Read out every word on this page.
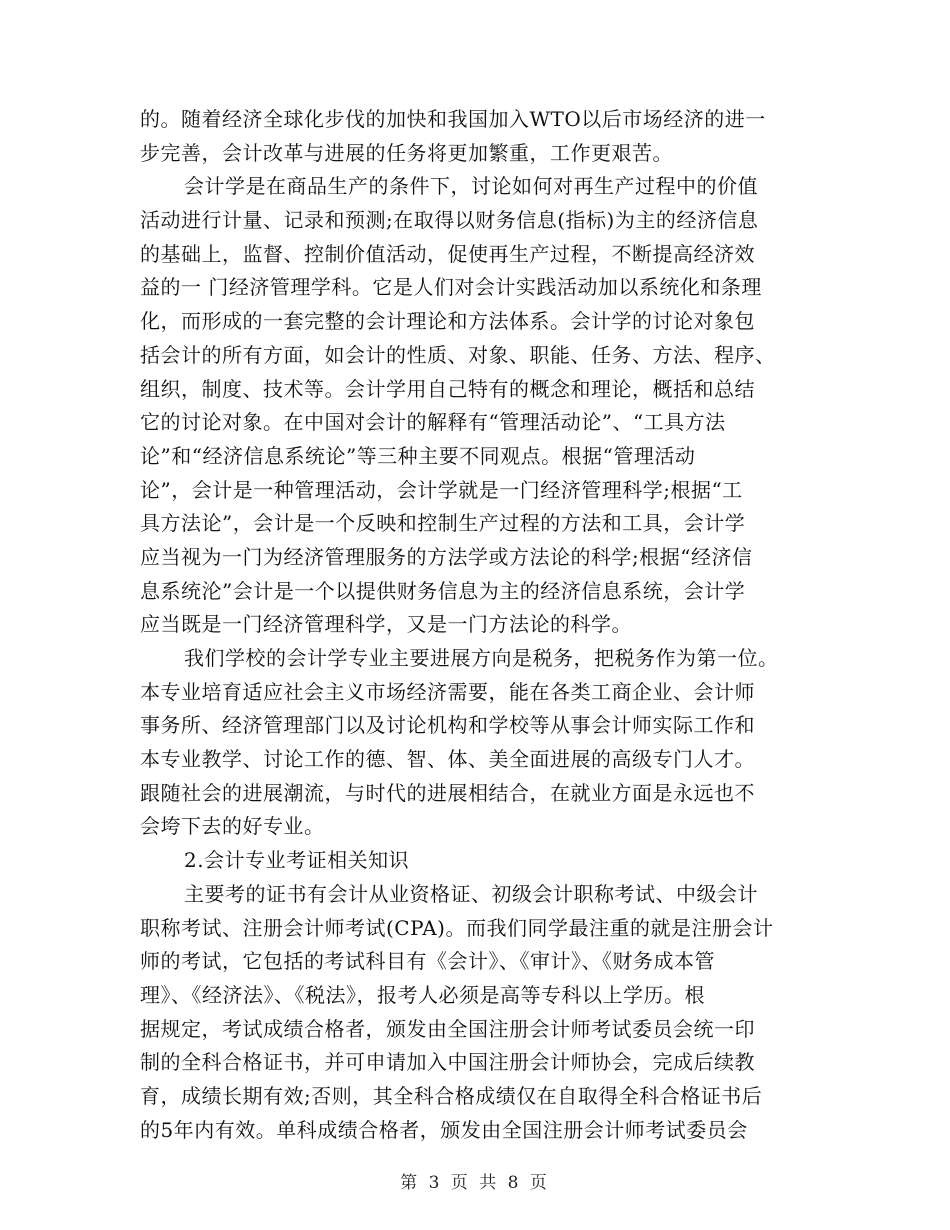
的。随着经济全球化步伐的加快和我国加入WTO以后市场经济的进一
步完善，会计改革与进展的任务将更加繁重，工作更艰苦。
会计学是在商品生产的条件下，讨论如何对再生产过程中的价值
活动进行计量、记录和预测;在取得以财务信息(指标)为主的经济信息
的基础上，监督、控制价值活动，促使再生产过程，不断提高经济效
益的一 门经济管理学科。它是人们对会计实践活动加以系统化和条理
化，而形成的一套完整的会计理论和方法体系。会计学的讨论对象包
括会计的所有方面，如会计的性质、对象、职能、任务、方法、程序、
组织，制度、技术等。会计学用自己特有的概念和理论，概括和总结
它的讨论对象。在中国对会计的解释有“管理活动论”、“工具方法
论”和“经济信息系统论”等三种主要不同观点。根据“管理活动
论”，会计是一种管理活动，会计学就是一门经济管理科学;根据“工
具方法论”，会计是一个反映和控制生产过程的方法和工具，会计学
应当视为一门为经济管理服务的方法学或方法论的科学;根据“经济信
息系统沦”会计是一个以提供财务信息为主的经济信息系统，会计学
应当既是一门经济管理科学，又是一门方法论的科学。
我们学校的会计学专业主要进展方向是税务，把税务作为第一位。
本专业培育适应社会主义市场经济需要，能在各类工商企业、会计师
事务所、经济管理部门以及讨论机构和学校等从事会计师实际工作和
本专业教学、讨论工作的德、智、体、美全面进展的高级专门人才。
跟随社会的进展潮流，与时代的进展相结合，在就业方面是永远也不
会垮下去的好专业。
2.会计专业考证相关知识
主要考的证书有会计从业资格证、初级会计职称考试、中级会计
职称考试、注册会计师考试(CPA)。而我们同学最注重的就是注册会计
师的考试，它包括的考试科目有《会计》、《审计》、《财务成本管
理》、《经济法》、《税法》，报考人必须是高等专科以上学历。根
据规定，考试成绩合格者，颁发由全国注册会计师考试委员会统一印
制的全科合格证书，并可申请加入中国注册会计师协会，完成后续教
育，成绩长期有效;否则，其全科合格成绩仅在自取得全科合格证书后
的5年内有效。单科成绩合格者，颁发由全国注册会计师考试委员会
第 3 页 共 8 页
